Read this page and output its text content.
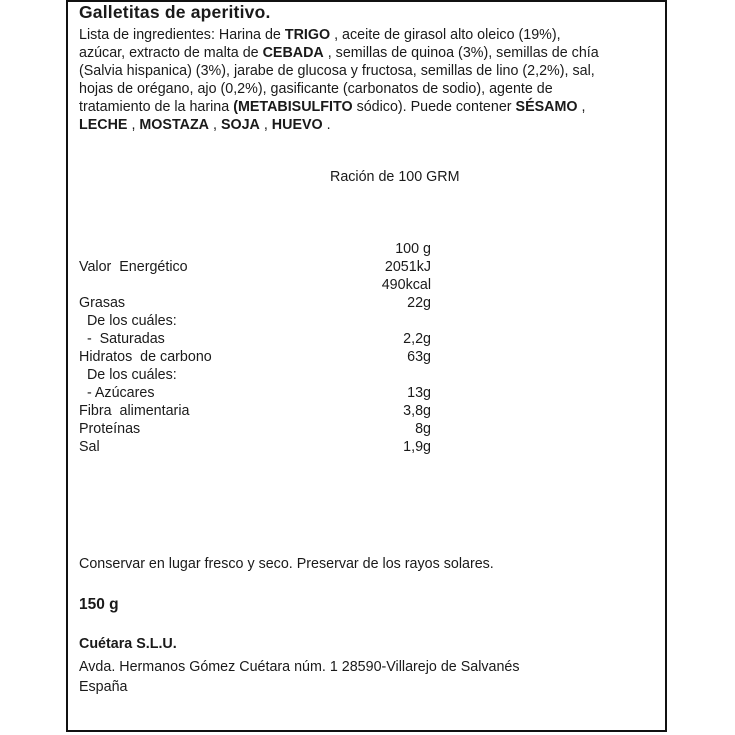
Galletitas de aperitivo.
Lista de ingredientes: Harina de TRIGO , aceite de girasol alto oleico (19%),
azúcar, extracto de malta de CEBADA , semillas de quinoa (3%), semillas de chía
(Salvia hispanica) (3%), jarabe de glucosa y fructosa, semillas de lino (2,2%), sal,
hojas de orégano, ajo (0,2%), gasificante (carbonatos de sodio), agente de
tratamiento de la harina (METABISULFITO sódico). Puede contener SÉSAMO ,
LECHE , MOSTAZA , SOJA , HUEVO .
Ración de 100 GRM
100 g
Valor  Energético	2051kJ
490kcal
Grasas	22g
De los cuáles:
-  Saturadas	2,2g
Hidratos  de carbono	63g
De los cuáles:
- Azúcares	13g
Fibra  alimentaria	3,8g
Proteínas	8g
Sal	1,9g
Conservar en lugar fresco y seco. Preservar de los rayos solares.
150 g
Cuétara S.L.U.
Avda. Hermanos Gómez Cuétara núm. 1 28590-Villarejo de Salvanés
España
